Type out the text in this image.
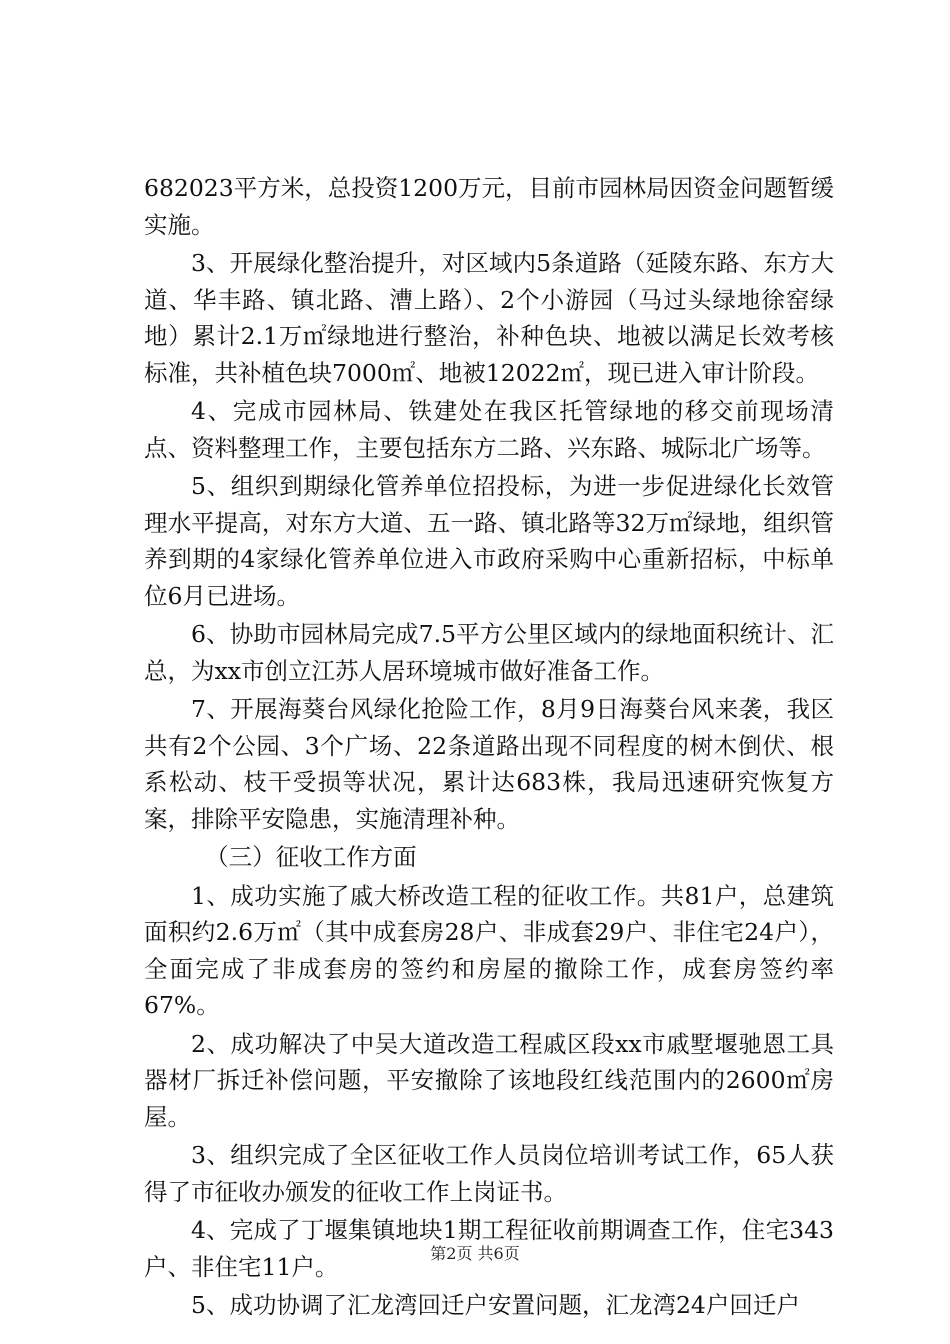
682023平方米，总投资1200万元，目前市园林局因资金问题暂缓实施。

3、开展绿化整治提升，对区域内5条道路（延陵东路、东方大道、华丰路、镇北路、漕上路）、2个小游园（马过头绿地徐窑绿地）累计2.1万㎡绿地进行整治，补种色块、地被以满足长效考核标准，共补植色块7000㎡、地被12022㎡，现已进入审计阶段。

4、完成市园林局、铁建处在我区托管绿地的移交前现场清点、资料整理工作，主要包括东方二路、兴东路、城际北广场等。

5、组织到期绿化管养单位招投标，为进一步促进绿化长效管理水平提高，对东方大道、五一路、镇北路等32万㎡绿地，组织管养到期的4家绿化管养单位进入市政府采购中心重新招标，中标单位6月已进场。

6、协助市园林局完成7.5平方公里区域内的绿地面积统计、汇总，为xx市创立江苏人居环境城市做好准备工作。

7、开展海葵台风绿化抢险工作，8月9日海葵台风来袭，我区共有2个公园、3个广场、22条道路出现不同程度的树木倒伏、根系松动、枝干受损等状况，累计达683株，我局迅速研究恢复方案，排除平安隐患，实施清理补种。

（三）征收工作方面

1、成功实施了戚大桥改造工程的征收工作。共81户，总建筑面积约2.6万㎡（其中成套房28户、非成套29户、非住宅24户），全面完成了非成套房的签约和房屋的撤除工作，成套房签约率67%。

2、成功解决了中吴大道改造工程戚区段xx市戚墅堰驰恩工具器材厂拆迁补偿问题，平安撤除了该地段红线范围内的2600㎡房屋。

3、组织完成了全区征收工作人员岗位培训考试工作，65人获得了市征收办颁发的征收工作上岗证书。

4、完成了丁堰集镇地块1期工程征收前期调查工作，住宅343户、非住宅11户。

5、成功协调了汇龙湾回迁户安置问题，汇龙湾24户回迁户

第2页 共6页
